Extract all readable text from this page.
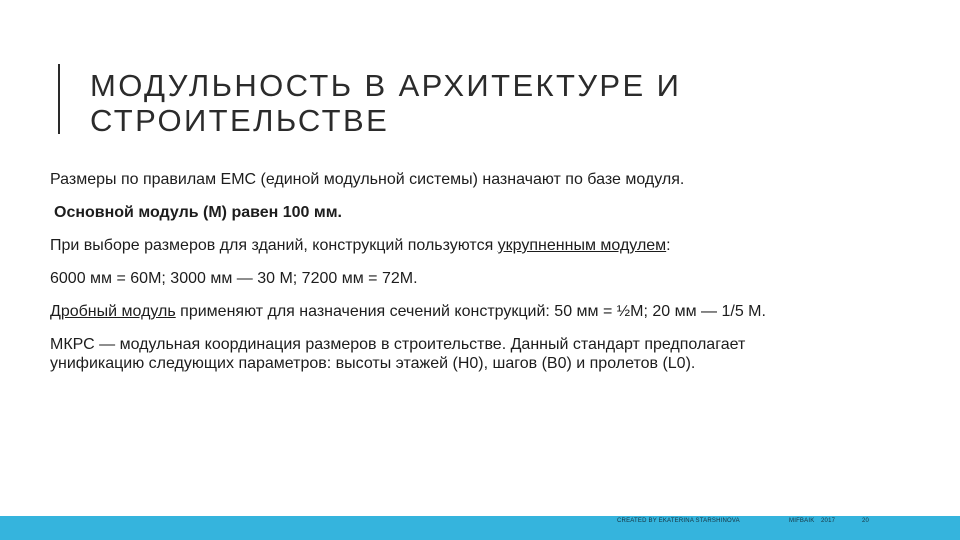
МОДУЛЬНОСТЬ В АРХИТЕКТУРЕ И
СТРОИТЕЛЬСТВЕ

Размеры по правилам ЕМС (единой модульной системы) назначают по базе модуля.

Основной модуль (М) равен 100 мм.

При выборе размеров для зданий, конструкций пользуются укрупненным модулем:

6000 мм = 60М; 3000 мм — 30 М; 7200 мм = 72М.

Дробный модуль применяют для назначения сечений конструкций: 50 мм = ½М; 20 мм — 1/5 М.

МКРС — модульная координация размеров в строительстве. Данный стандарт предполагает унификацию следующих параметров: высоты этажей (H0), шагов (B0) и пролетов (L0).

CREATED BY EKATERINA STARSHINOVA	MIFBAIK 2017	20
